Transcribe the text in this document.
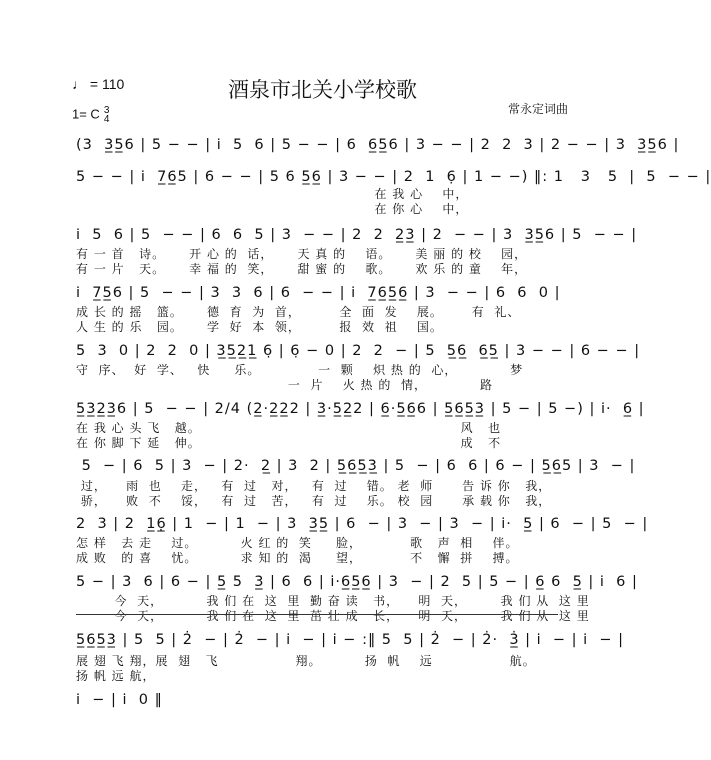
♩ = 110	酒泉市北关小学校歌
1= C 3
4
常永定词曲
(3  3̲5̲6 | 5 − − | i̇  5  6 | 5 − − | 6  6̲5̲6 | 3 − − | 2  2  3 | 2 − − | 3  3̲5̲6 |
5 − − | i̇  7̲6̲5 | 6 − − | 5 6 5̲6̲ | 3 − − | 2  1  6̣ | 1 − −) ‖: 1   3   5  |  5  − − |
在 我 心    中，
在 你 心    中，
i̇  5  6 | 5  − − | 6  6  5 | 3  − − | 2  2  2̲3̲ | 2  − − | 3  3̲5̲6 | 5  − − |
有 一 首   诗。     开 心 的  话，     天 真 的    语。     美 丽 的 校    园，
有 一 片   天。     幸 福 的  笑，     甜 蜜 的    歌。     欢 乐 的 童    年，
i̇  7̲5̲6 | 5  − − | 3  3  6 | 6  − − | i̇  7̲6̲5̲6̲ | 3  − − | 6  6  0 |
成 长 的 摇   篮。     德  育  为  首，        全  面  发    展。      有  礼、
人 生 的 乐   园。     学  好  本  领，        报  效  祖    国。
5  3  0 | 2  2  0 | 3̲5̲2̲1̲ 6̣ | 6̣ − 0 | 2  2  − | 5  5̲6̲  6̲5̲ | 3 − − | 6 − − |
守  序、  好  学、   快     乐。            一  颗    炽 热 的  心，           梦
一  片    火 热 的  情，           路
5̲3̲2̲3̲6 | 5  − − | 2/4 (2̲·2̲2̲2 | 3̲·5̲2̲2 | 6̲·5̲6̲6 | 5̲6̲5̲3̲ | 5 − | 5 −) | i̇·  6̲ |
在 我 心 头 飞   越。                                                      风   也
在 你 脚 下 延   伸。                                                      成   不
5  − | 6  5 | 3  − | 2·  2̲ | 3  2 | 5̲6̲5̲3̲ | 5  − | 6  6 | 6 − | 5̲6̲5 | 3  − |
过，    雨  也    走，   有  过   对，   有  过    错。 老  师      告 诉 你   我，
骄，    败  不    馁，   有  过   苦，   有  过    乐。 校  园      承 载 你   我，
2  3 | 2  1̲6̣̲ | 1  − | 1  − | 3  3̲5̲ | 6  − | 3  − | 3  − | i̇·  5̲ | 6  − | 5  − |
怎 样   去 走    过。         火 红 的  笑     脸，          歌   声  相    伴。
成 败   的 喜    忧。         求 知 的  渴     望，          不   懈  拼    搏。
5 − | 3  6 | 6 − | 5̲ 5  3̲ | 6  6 | i̇·6̲5̲6̲ | 3  − | 2  5 | 5 − | 6̲ 6  5̲ | i̇  6 |
今  天，         我 们 在  这  里  勤 奋 读   书，    明  天，       我 们 从  这 里
今  天，         我 们 在  这  里  茁 壮 成   长，    明  天，       我 们 从  这 里
5̲6̲5̲3̲ | 5  5 | 2̇  − | 2̇  − | i̇  − | i̇ − :‖ 5  5 | 2̇  − | 2̇·  3̲̇ | i̇  − | i̇  − |
展 翅 飞 翔，展  翅   飞                翔。         扬  帆    远                航。
扬 帆 远 航，
i̇  − | i̇  0 ‖
